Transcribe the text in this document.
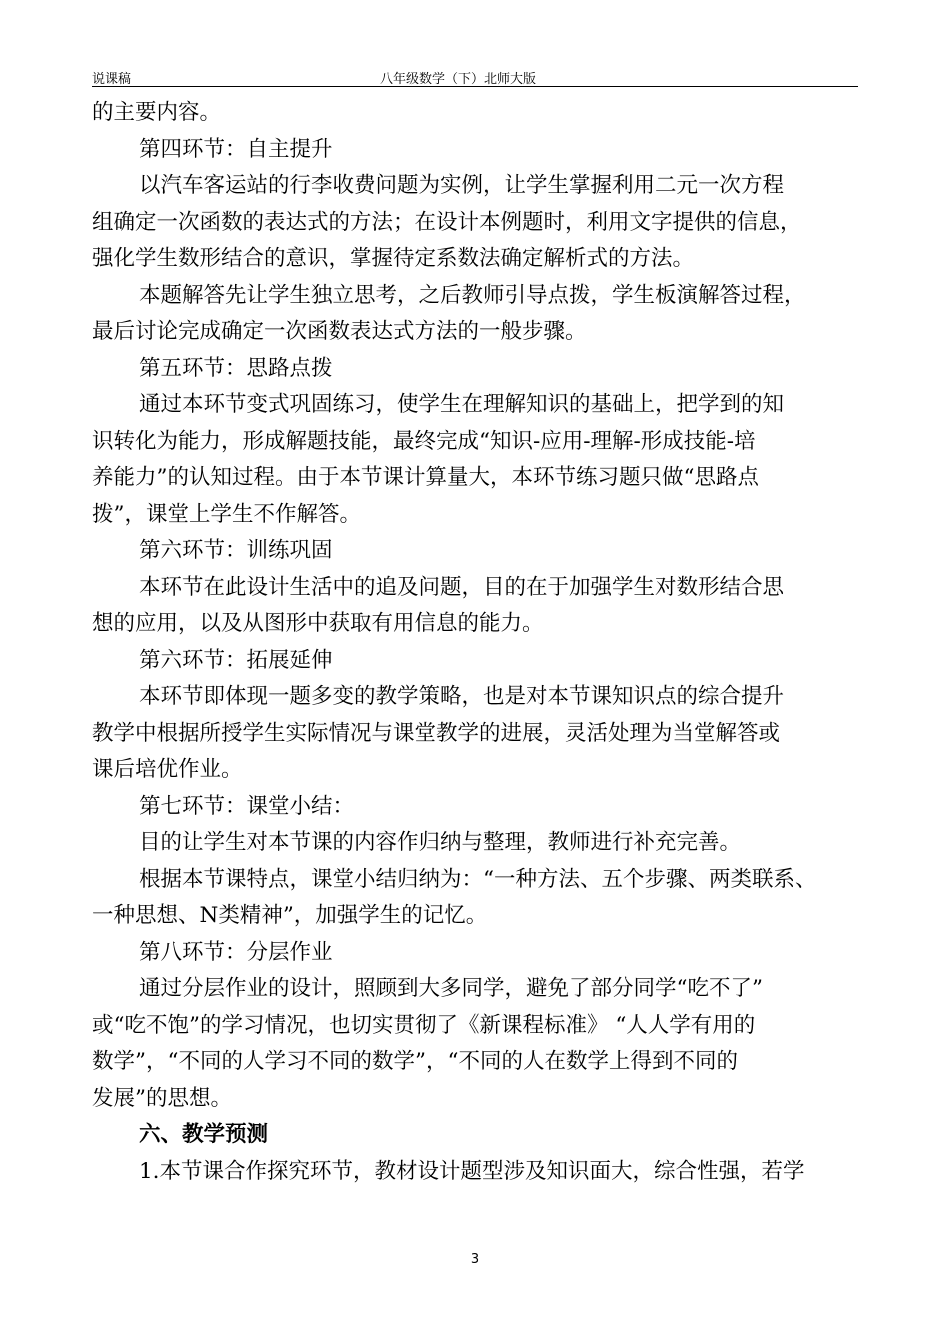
说课稿	八年级数学（下）北师大版

的主要内容。

第四环节：自主提升

以汽车客运站的行李收费问题为实例，让学生掌握利用二元一次方程

组确定一次函数的表达式的方法；在设计本例题时，利用文字提供的信息，

强化学生数形结合的意识，掌握待定系数法确定解析式的方法。

本题解答先让学生独立思考，之后教师引导点拨，学生板演解答过程，

最后讨论完成确定一次函数表达式方法的一般步骤。

第五环节：思路点拨

通过本环节变式巩固练习，使学生在理解知识的基础上，把学到的知

识转化为能力，形成解题技能，最终完成“知识-应用-理解-形成技能-培

养能力”的认知过程。由于本节课计算量大，本环节练习题只做“思路点

拨”，课堂上学生不作解答。

第六环节：训练巩固

本环节在此设计生活中的追及问题，目的在于加强学生对数形结合思

想的应用，以及从图形中获取有用信息的能力。

第六环节：拓展延伸

本环节即体现一题多变的教学策略，也是对本节课知识点的综合提升

教学中根据所授学生实际情况与课堂教学的进展，灵活处理为当堂解答或

课后培优作业。

第七环节：课堂小结：

目的让学生对本节课的内容作归纳与整理，教师进行补充完善。

根据本节课特点，课堂小结归纳为：“一种方法、五个步骤、两类联系、

一种思想、N类精神”，加强学生的记忆。

第八环节：分层作业

通过分层作业的设计，照顾到大多同学，避免了部分同学“吃不了”

或“吃不饱”的学习情况，也切实贯彻了《新课程标准》 “人人学有用的

数学”，“不同的人学习不同的数学”，“不同的人在数学上得到不同的

发展”的思想。

六、教学预测

1.本节课合作探究环节，教材设计题型涉及知识面大，综合性强，若学

3
